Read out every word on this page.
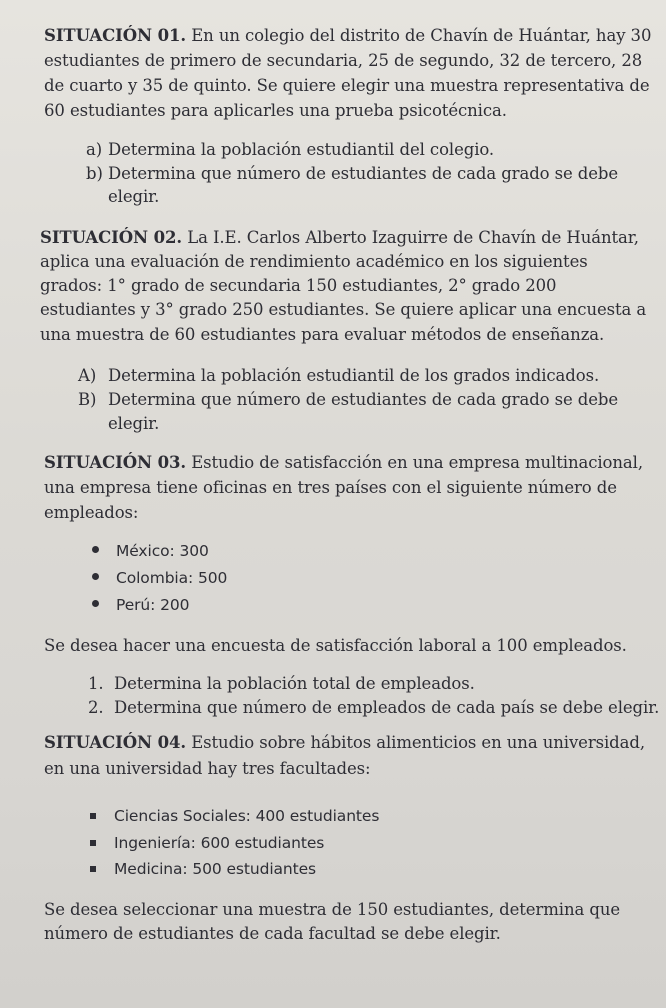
SITUACIÓN 01. En un colegio del distrito de Chavín de Huántar, hay 30
estudiantes de primero de secundaria, 25 de segundo, 32 de tercero, 28
de cuarto y 35 de quinto. Se quiere elegir una muestra representativa de
60 estudiantes para aplicarles una prueba psicotécnica.
a) Determina la población estudiantil del colegio.
b) Determina que número de estudiantes de cada grado se debe
elegir.
SITUACIÓN 02. La I.E. Carlos Alberto Izaguirre de Chavín de Huántar,
aplica una evaluación de rendimiento académico en los siguientes
grados: 1° grado de secundaria 150 estudiantes, 2° grado 200
estudiantes y 3° grado 250 estudiantes. Se quiere aplicar una encuesta a
una muestra de 60 estudiantes para evaluar métodos de enseñanza.
A) Determina la población estudiantil de los grados indicados.
B) Determina que número de estudiantes de cada grado se debe
elegir.
SITUACIÓN 03. Estudio de satisfacción en una empresa multinacional,
una empresa tiene oficinas en tres países con el siguiente número de
empleados:
México: 300
Colombia: 500
Perú: 200
Se desea hacer una encuesta de satisfacción laboral a 100 empleados.
1. Determina la población total de empleados.
2. Determina que número de empleados de cada país se debe elegir.
SITUACIÓN 04. Estudio sobre hábitos alimenticios en una universidad,
en una universidad hay tres facultades:
Ciencias Sociales: 400 estudiantes
Ingeniería: 600 estudiantes
Medicina: 500 estudiantes
Se desea seleccionar una muestra de 150 estudiantes, determina que
número de estudiantes de cada facultad se debe elegir.
